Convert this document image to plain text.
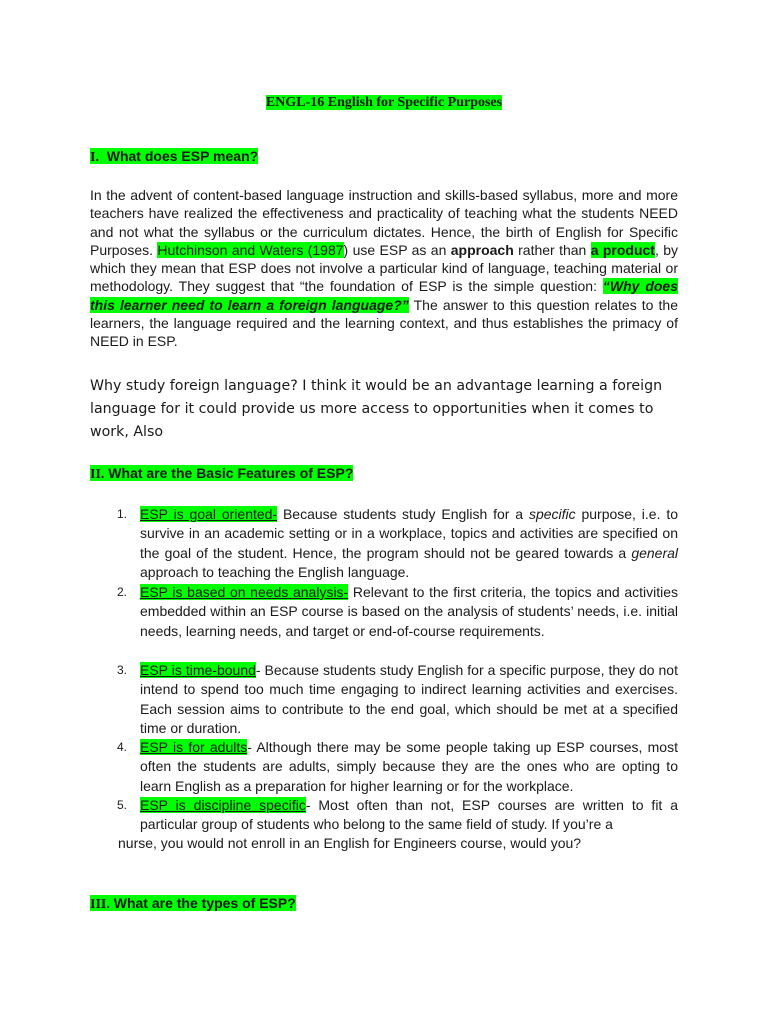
ENGL-16 English for Specific Purposes
I. What does ESP mean?

In the advent of content-based language instruction and skills-based syllabus, more and more teachers have realized the effectiveness and practicality of teaching what the students NEED and not what the syllabus or the curriculum dictates. Hence, the birth of English for Specific Purposes. Hutchinson and Waters (1987) use ESP as an approach rather than a product, by which they mean that ESP does not involve a particular kind of language, teaching material or methodology. They suggest that “the foundation of ESP is the simple question: “Why does this learner need to learn a foreign language?” The answer to this question relates to the learners, the language required and the learning context, and thus establishes the primacy of NEED in ESP.

Why study foreign language? I think it would be an advantage learning a foreign language for it could provide us more access to opportunities when it comes to work, Also

II. What are the Basic Features of ESP?
1. ESP is goal oriented- Because students study English for a specific purpose, i.e. to survive in an academic setting or in a workplace, topics and activities are specified on the goal of the student. Hence, the program should not be geared towards a general approach to teaching the English language.

2. ESP is based on needs analysis- Relevant to the first criteria, the topics and activities embedded within an ESP course is based on the analysis of students’ needs, i.e. initial needs, learning needs, and target or end-of-course requirements.

3. ESP is time-bound- Because students study English for a specific purpose, they do not intend to spend too much time engaging to indirect learning activities and exercises. Each session aims to contribute to the end goal, which should be met at a specified time or duration.

4. ESP is for adults- Although there may be some people taking up ESP courses, most often the students are adults, simply because they are the ones who are opting to learn English as a preparation for higher learning or for the workplace.

5. ESP is discipline specific- Most often than not, ESP courses are written to fit a particular group of students who belong to the same field of study. If you’re a

nurse, you would not enroll in an English for Engineers course, would you?

III. What are the types of ESP?
